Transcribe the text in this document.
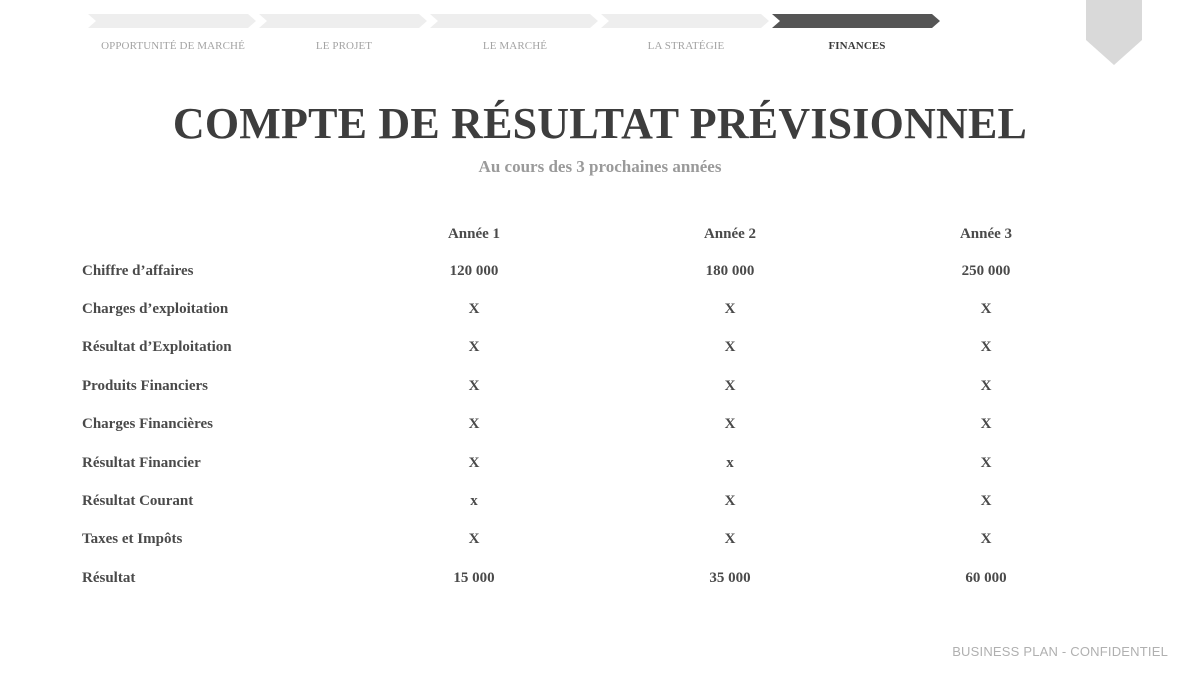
OPPORTUNITÉ DE MARCHÉ	LE PROJET	LE MARCHÉ	LA STRATÉGIE	FINANCES
COMPTE DE RÉSULTAT PRÉVISIONNEL
Au cours des 3 prochaines années
	Année 1	Année 2	Année 3
Chiffre d’affaires	120 000	180 000	250 000
Charges d’exploitation	X	X	X
Résultat d’Exploitation	X	X	X
Produits Financiers	X	X	X
Charges Financières	X	X	X
Résultat Financier	X	x	X
Résultat Courant	x	X	X
Taxes et Impôts	X	X	X
Résultat	15 000	35 000	60 000
BUSINESS PLAN - CONFIDENTIEL
